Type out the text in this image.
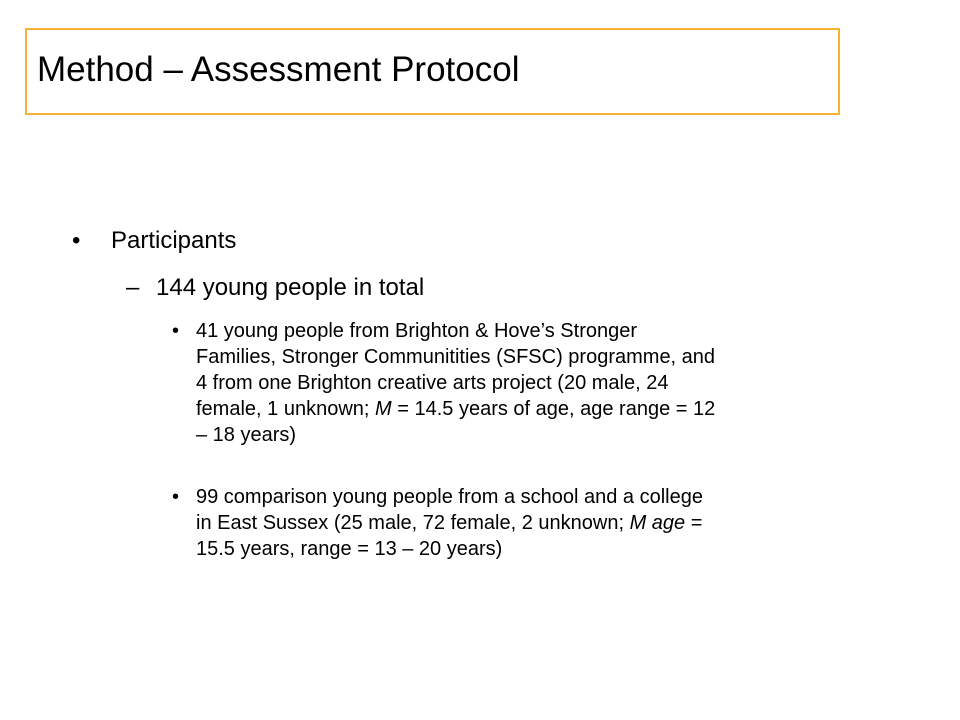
Method – Assessment Protocol
• Participants
– 144 young people in total
• 41 young people from Brighton & Hove’s Stronger
Families, Stronger Communitities (SFSC) programme, and
4 from one Brighton creative arts project (20 male, 24
female, 1 unknown; M = 14.5 years of age, age range = 12
– 18 years)
• 99 comparison young people from a school and a college
in East Sussex (25 male, 72 female, 2 unknown; M age =
15.5 years, range = 13 – 20 years)
